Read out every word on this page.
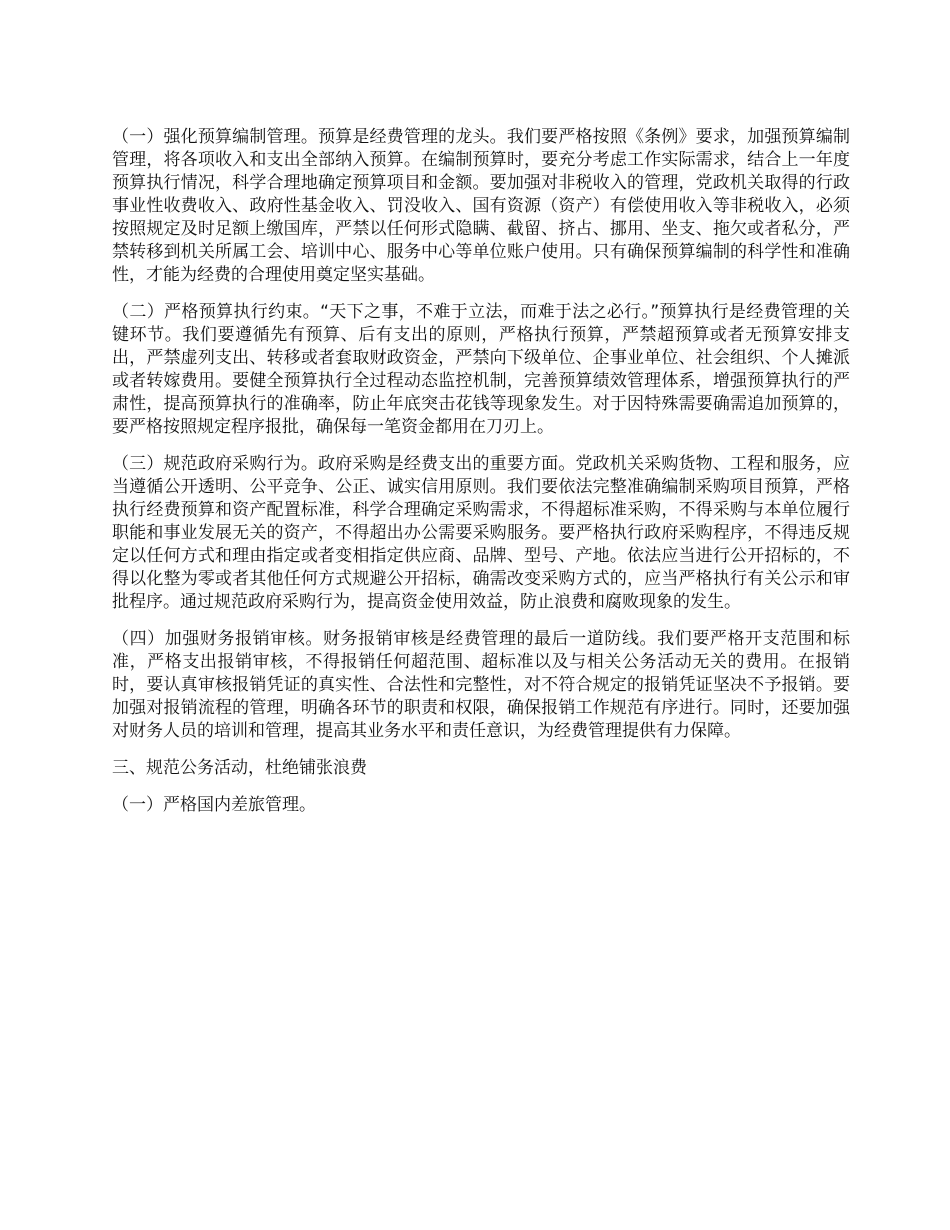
（一）强化预算编制管理。预算是经费管理的龙头。我们要严格按照《条例》要求，加强预算编制管理，将各项收入和支出全部纳入预算。在编制预算时，要充分考虑工作实际需求，结合上一年度预算执行情况，科学合理地确定预算项目和金额。要加强对非税收入的管理，党政机关取得的行政事业性收费收入、政府性基金收入、罚没收入、国有资源（资产）有偿使用收入等非税收入，必须按照规定及时足额上缴国库，严禁以任何形式隐瞒、截留、挤占、挪用、坐支、拖欠或者私分，严禁转移到机关所属工会、培训中心、服务中心等单位账户使用。只有确保预算编制的科学性和准确性，才能为经费的合理使用奠定坚实基础。

（二）严格预算执行约束。“天下之事，不难于立法，而难于法之必行。”预算执行是经费管理的关键环节。我们要遵循先有预算、后有支出的原则，严格执行预算，严禁超预算或者无预算安排支出，严禁虚列支出、转移或者套取财政资金，严禁向下级单位、企事业单位、社会组织、个人摊派或者转嫁费用。要健全预算执行全过程动态监控机制，完善预算绩效管理体系，增强预算执行的严肃性，提高预算执行的准确率，防止年底突击花钱等现象发生。对于因特殊需要确需追加预算的，要严格按照规定程序报批，确保每一笔资金都用在刀刃上。

（三）规范政府采购行为。政府采购是经费支出的重要方面。党政机关采购货物、工程和服务，应当遵循公开透明、公平竞争、公正、诚实信用原则。我们要依法完整准确编制采购项目预算，严格执行经费预算和资产配置标准，科学合理确定采购需求，不得超标准采购，不得采购与本单位履行职能和事业发展无关的资产，不得超出办公需要采购服务。要严格执行政府采购程序，不得违反规定以任何方式和理由指定或者变相指定供应商、品牌、型号、产地。依法应当进行公开招标的，不得以化整为零或者其他任何方式规避公开招标，确需改变采购方式的，应当严格执行有关公示和审批程序。通过规范政府采购行为，提高资金使用效益，防止浪费和腐败现象的发生。

（四）加强财务报销审核。财务报销审核是经费管理的最后一道防线。我们要严格开支范围和标准，严格支出报销审核，不得报销任何超范围、超标准以及与相关公务活动无关的费用。在报销时，要认真审核报销凭证的真实性、合法性和完整性，对不符合规定的报销凭证坚决不予报销。要加强对报销流程的管理，明确各环节的职责和权限，确保报销工作规范有序进行。同时，还要加强对财务人员的培训和管理，提高其业务水平和责任意识，为经费管理提供有力保障。

三、规范公务活动，杜绝铺张浪费

（一）严格国内差旅管理。
